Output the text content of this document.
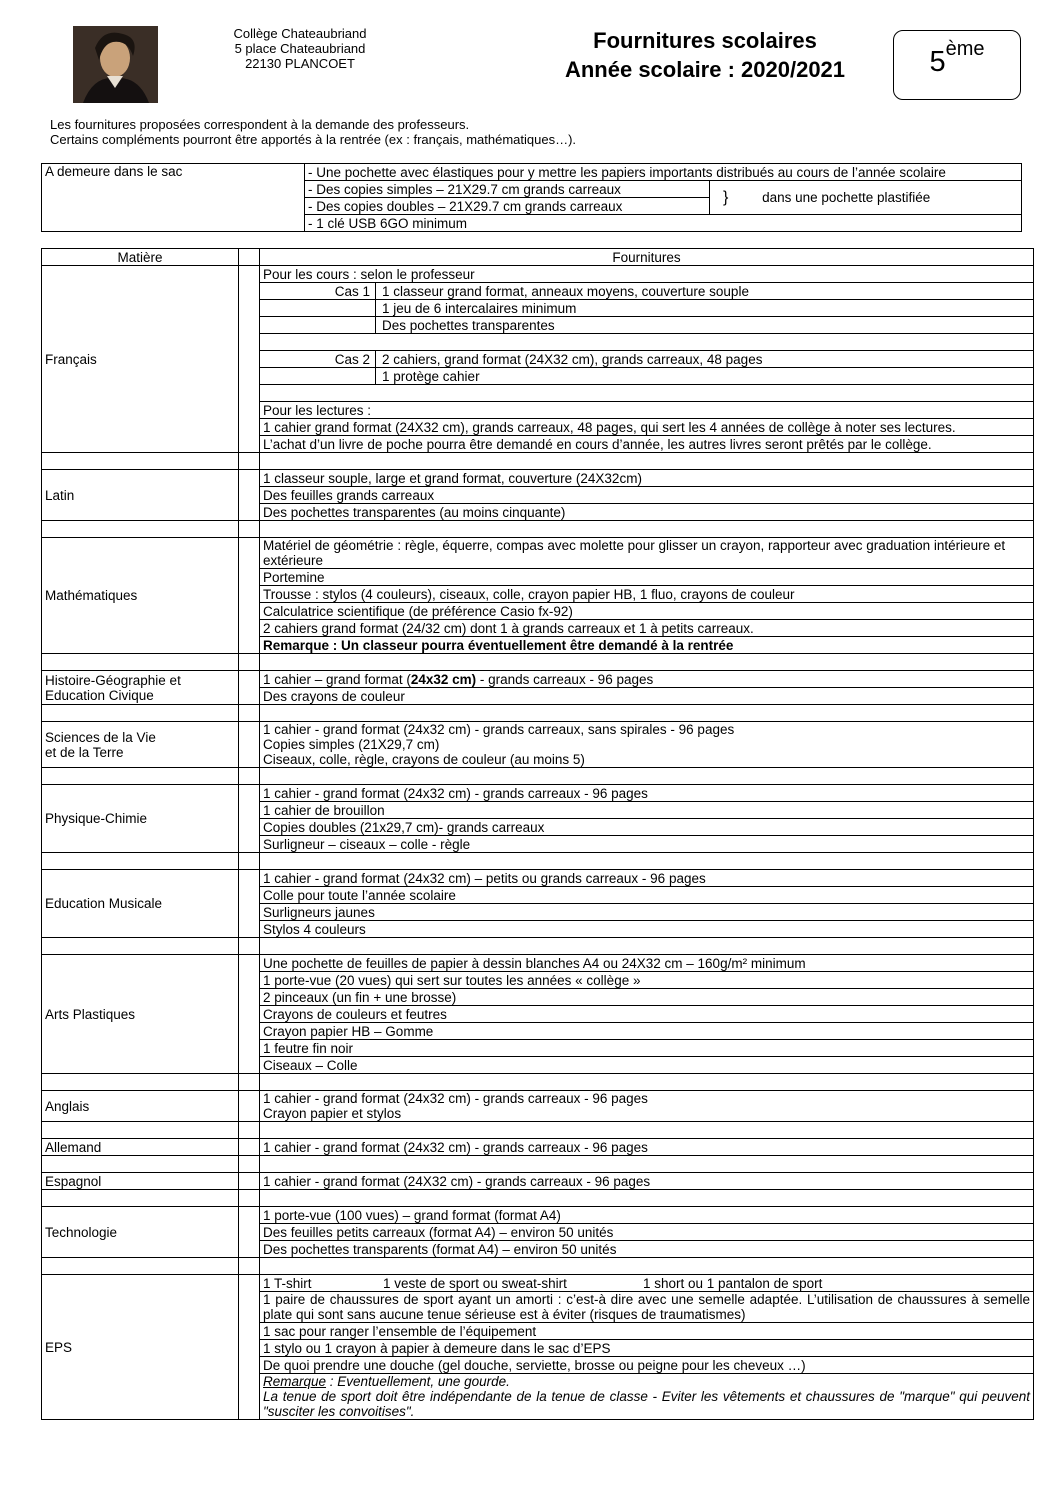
Collège Chateaubriand
5 place Chateaubriand
22130 PLANCOET
Fournitures scolaires
Année scolaire : 2020/2021	5ème
Les fournitures proposées correspondent à la demande des professeurs.
Certains compléments pourront être apportés à la rentrée (ex : français, mathématiques…).
A demeure dans le sac	- Une pochette avec élastiques pour y mettre les papiers importants distribués au cours de l’année scolaire	
	- Des copies simples – 21X29.7 cm grands carreaux	} dans une pochette plastifiée
	- Des copies doubles – 21X29.7 cm grands carreaux	
	- 1 clé USB 6GO minimum	
Matière		Fournitures
Français		Pour les cours : selon le professeur

Cas 1	1 classeur grand format, anneaux moyens, couverture souple

	1 jeu de 6 intercalaires minimum

	Des pochettes transparentes

Cas 2	2 cahiers, grand format (24X32 cm), grands carreaux, 48 pages

	1 protège cahier

Pour les lectures :
1 cahier grand format (24X32 cm), grands carreaux, 48 pages, qui sert les 4 années de collège à noter ses lectures.
L’achat d’un livre de poche pourra être demandé en cours d’année, les autres livres seront prêtés par le collège.

Latin		1 classeur souple, large et grand format, couverture (24X32cm)
Des feuilles grands carreaux
Des pochettes transparentes (au moins cinquante)

Mathématiques		Matériel de géométrie : règle, équerre, compas avec molette pour glisser un crayon, rapporteur avec graduation intérieure et extérieure
Portemine
Trousse : stylos (4 couleurs), ciseaux, colle, crayon papier HB, 1 fluo, crayons de couleur
Calculatrice scientifique (de préférence Casio fx-92)
2 cahiers grand format (24/32 cm) dont 1 à grands carreaux et 1 à petits carreaux.
Remarque : Un classeur pourra éventuellement être demandé à la rentrée

Histoire-Géographie et
Education Civique		1 cahier – grand format (24x32 cm) - grands carreaux - 96 pages
Des crayons de couleur

Sciences de la Vie
et de la Terre		1 cahier - grand format (24x32 cm) - grands carreaux, sans spirales - 96 pages
Copies simples (21X29,7 cm)
Ciseaux, colle, règle, crayons de couleur (au moins 5)

Physique-Chimie		1 cahier - grand format (24x32 cm) - grands carreaux - 96 pages
1 cahier de brouillon
Copies doubles (21x29,7 cm)- grands carreaux
Surligneur – ciseaux – colle - règle

Education Musicale		1 cahier - grand format (24x32 cm) – petits ou grands carreaux - 96 pages
Colle pour toute l’année scolaire
Surligneurs jaunes
Stylos 4 couleurs

Arts Plastiques		Une pochette de feuilles de papier à dessin blanches A4 ou 24X32 cm – 160g/m² minimum
1 porte-vue (20 vues) qui sert sur toutes les années « collège »
2 pinceaux (un fin + une brosse)
Crayons de couleurs et feutres
Crayon papier HB – Gomme
1 feutre fin noir
Ciseaux – Colle

Anglais		1 cahier - grand format (24x32 cm) - grands carreaux - 96 pages
Crayon papier et stylos

Allemand		1 cahier - grand format (24x32 cm) - grands carreaux - 96 pages

Espagnol		1 cahier - grand format (24X32 cm) - grands carreaux - 96 pages

Technologie		1 porte-vue (100 vues) – grand format (format A4)
Des feuilles petits carreaux (format A4) – environ 50 unités
Des pochettes transparents (format A4) – environ 50 unités

EPS		1 T-shirt	1 veste de sport ou sweat-shirt	1 short ou 1 pantalon de sport
1 paire de chaussures de sport ayant un amorti : c’est-à dire avec une semelle adaptée. L’utilisation de chaussures à semelle plate qui sont sans aucune tenue sérieuse est à éviter (risques de traumatismes)
1 sac pour ranger l’ensemble de l’équipement
1 stylo ou 1 crayon à papier à demeure dans le sac d’EPS
De quoi prendre une douche (gel douche, serviette, brosse ou peigne pour les cheveux …)
Remarque : Eventuellement, une gourde.
La tenue de sport doit être indépendante de la tenue de classe - Eviter les vêtements et chaussures de "marque" qui peuvent "susciter les convoitises".
